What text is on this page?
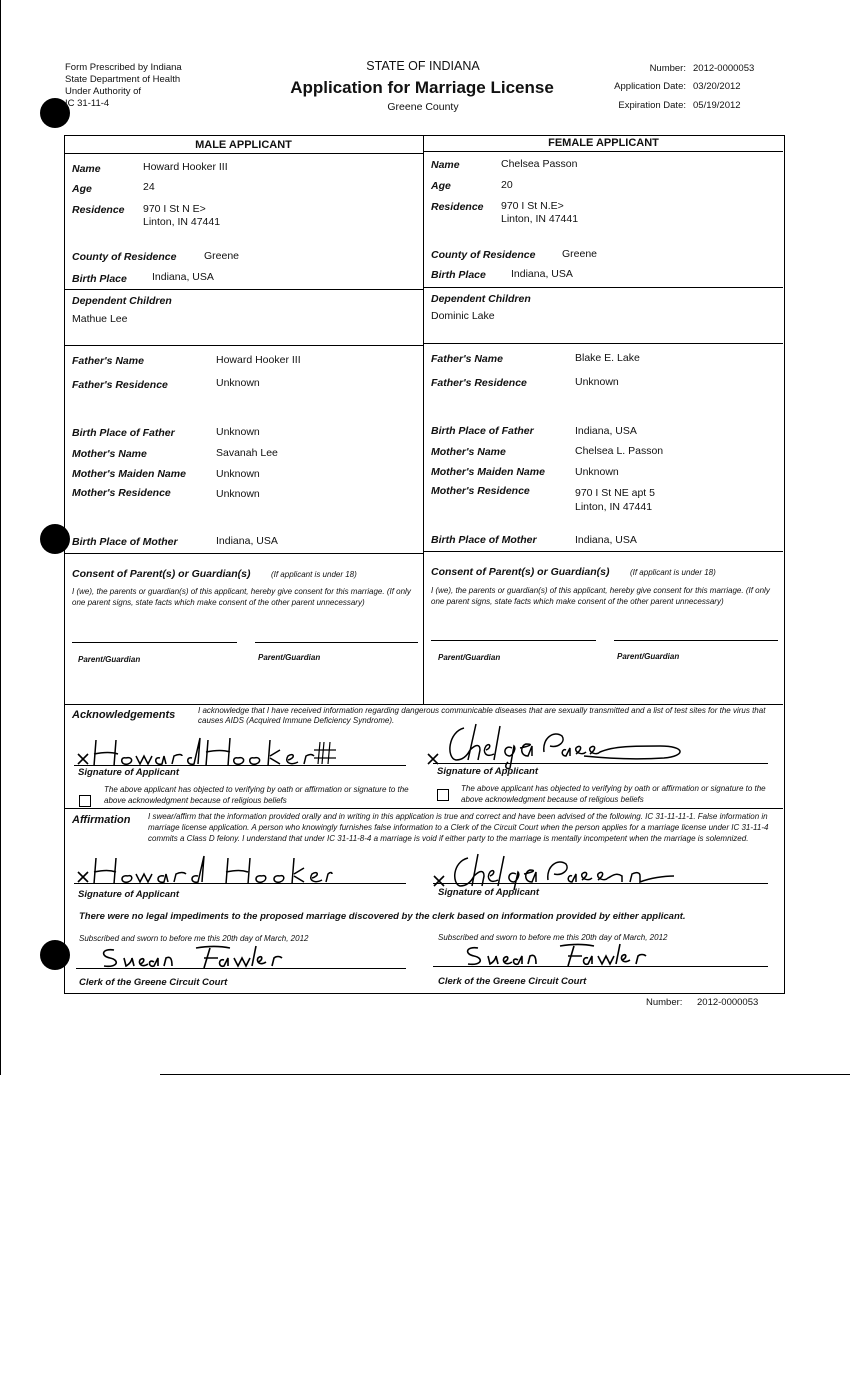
Form Prescribed by Indiana
State Department of Health
Under Authority of
IC 31-11-4
STATE OF INDIANA
Application for Marriage License
Greene County
Number: 2012-0000053
Application Date: 03/20/2012
Expiration Date: 05/19/2012
MALE APPLICANT	FEMALE APPLICANT
Name	Howard Hooker III
Age	24
Residence 970 I St N E>
Linton, IN 47441
County of Residence	Greene
Birth Place Indiana, USA
Dependent Children
Mathue Lee
Father's Name	Howard Hooker III
Father's Residence	Unknown
Birth Place of Father	Unknown
Mother's Name	Savanah Lee
Mother's Maiden Name	Unknown
Mother's Residence	Unknown
Birth Place of Mother	Indiana, USA
Consent of Parent(s) or Guardian(s)	(If applicant is under 18)
I (we), the parents or guardian(s) of this applicant, hereby give consent for this marriage. (If only one parent signs, state facts which make consent of the other parent unnecessary)
Parent/Guardian	Parent/Guardian
Name	Chelsea Passon
Age	20
Residence 970 I St N.E>
Linton, IN 47441
County of Residence	Greene
Birth Place Indiana, USA
Dependent Children
Dominic Lake
Father's Name	Blake E. Lake
Father's Residence	Unknown
Birth Place of Father	Indiana, USA
Mother's Name	Chelsea L. Passon
Mother's Maiden Name	Unknown
Mother's Residence	970 I St NE apt 5
Linton, IN 47441
Birth Place of Mother	Indiana, USA
Consent of Parent(s) or Guardian(s)	(If applicant is under 18)
I (we), the parents or guardian(s) of this applicant, hereby give consent for this marriage. (If only one parent signs, state facts which make consent of the other parent unnecessary)
Parent/Guardian	Parent/Guardian
Acknowledgements	I acknowledge that I have received information regarding dangerous communicable diseases that are sexually transmitted and a list of test sites for the virus that causes AIDS (Acquired Immune Deficiency Syndrome).
Signature of Applicant	Signature of Applicant
The above applicant has objected to verifying by oath or affirmation or signature to the above acknowledgment because of religious beliefs
The above applicant has objected to verifying by oath or affirmation or signature to the above acknowledgment because of religious beliefs
Affirmation I swear/affirm that the information provided orally and in writing in this application is true and correct and have been advised of the following. IC 31-11-11-1. False information in marriage license application. A person who knowingly furnishes false information to a Clerk of the Circuit Court when the person applies for a marriage license under IC 31-11-4 commits a Class D felony. I understand that under IC 31-11-8-4 a marriage is void if either party to the marriage is mentally incompetent when the marriage is solemnized.
Signature of Applicant	Signature of Applicant
There were no legal impediments to the proposed marriage discovered by the clerk based on information provided by either applicant.
Subscribed and sworn to before me this 20th day of March, 2012	Subscribed and sworn to before me this 20th day of March, 2012
Clerk of the Greene Circuit Court	Clerk of the Greene Circuit Court
Number: 2012-0000053
